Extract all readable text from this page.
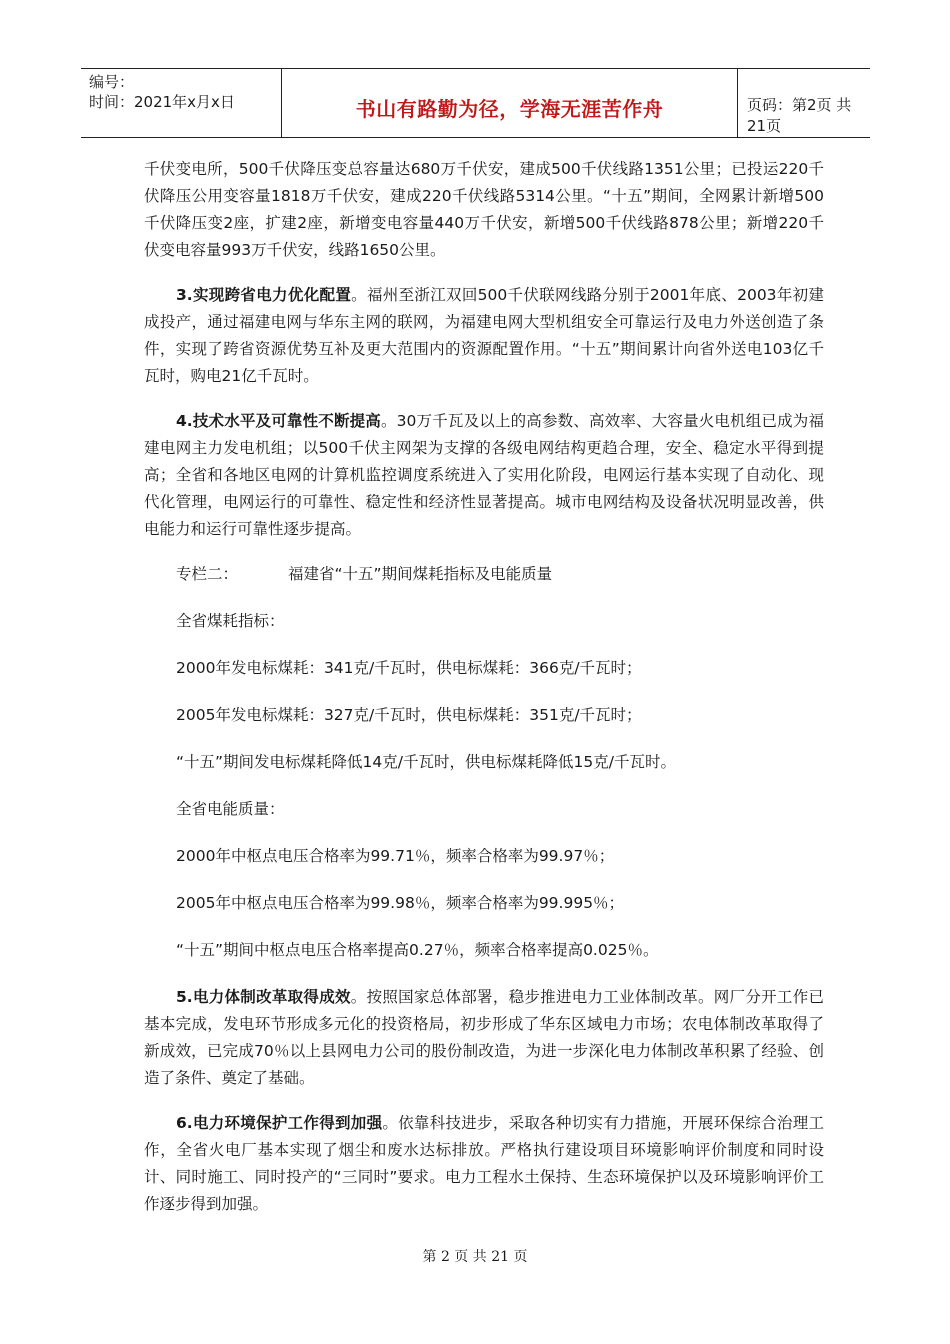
编号：
时间：2021年x月x日	书山有路勤为径，学海无涯苦作舟	页码：第2页 共21页

千伏变电所，500千伏降压变总容量达680万千伏安，建成500千伏线路1351公里；已投运220千伏降压公用变容量1818万千伏安，建成220千伏线路5314公里。“十五”期间，全网累计新增500千伏降压变2座，扩建2座，新增变电容量440万千伏安，新增500千伏线路878公里；新增220千伏变电容量993万千伏安，线路1650公里。

3.实现跨省电力优化配置。福州至浙江双回500千伏联网线路分别于2001年底、2003年初建成投产，通过福建电网与华东主网的联网，为福建电网大型机组安全可靠运行及电力外送创造了条件，实现了跨省资源优势互补及更大范围内的资源配置作用。“十五”期间累计向省外送电103亿千瓦时，购电21亿千瓦时。

4.技术水平及可靠性不断提高。30万千瓦及以上的高参数、高效率、大容量火电机组已成为福建电网主力发电机组；以500千伏主网架为支撑的各级电网结构更趋合理，安全、稳定水平得到提高；全省和各地区电网的计算机监控调度系统进入了实用化阶段，电网运行基本实现了自动化、现代化管理，电网运行的可靠性、稳定性和经济性显著提高。城市电网结构及设备状况明显改善，供电能力和运行可靠性逐步提高。

专栏二：	福建省“十五”期间煤耗指标及电能质量
全省煤耗指标：
2000年发电标煤耗：341克/千瓦时，供电标煤耗：366克/千瓦时；
2005年发电标煤耗：327克/千瓦时，供电标煤耗：351克/千瓦时；
“十五”期间发电标煤耗降低14克/千瓦时，供电标煤耗降低15克/千瓦时。
全省电能质量：
2000年中枢点电压合格率为99.71％，频率合格率为99.97％；
2005年中枢点电压合格率为99.98％，频率合格率为99.995％；
“十五”期间中枢点电压合格率提高0.27％，频率合格率提高0.025％。

5.电力体制改革取得成效。按照国家总体部署，稳步推进电力工业体制改革。网厂分开工作已基本完成，发电环节形成多元化的投资格局，初步形成了华东区域电力市场；农电体制改革取得了新成效，已完成70％以上县网电力公司的股份制改造，为进一步深化电力体制改革积累了经验、创造了条件、奠定了基础。

6.电力环境保护工作得到加强。依靠科技进步，采取各种切实有力措施，开展环保综合治理工作，全省火电厂基本实现了烟尘和废水达标排放。严格执行建设项目环境影响评价制度和同时设计、同时施工、同时投产的“三同时”要求。电力工程水土保持、生态环境保护以及环境影响评价工作逐步得到加强。

第 2 页 共 21 页
